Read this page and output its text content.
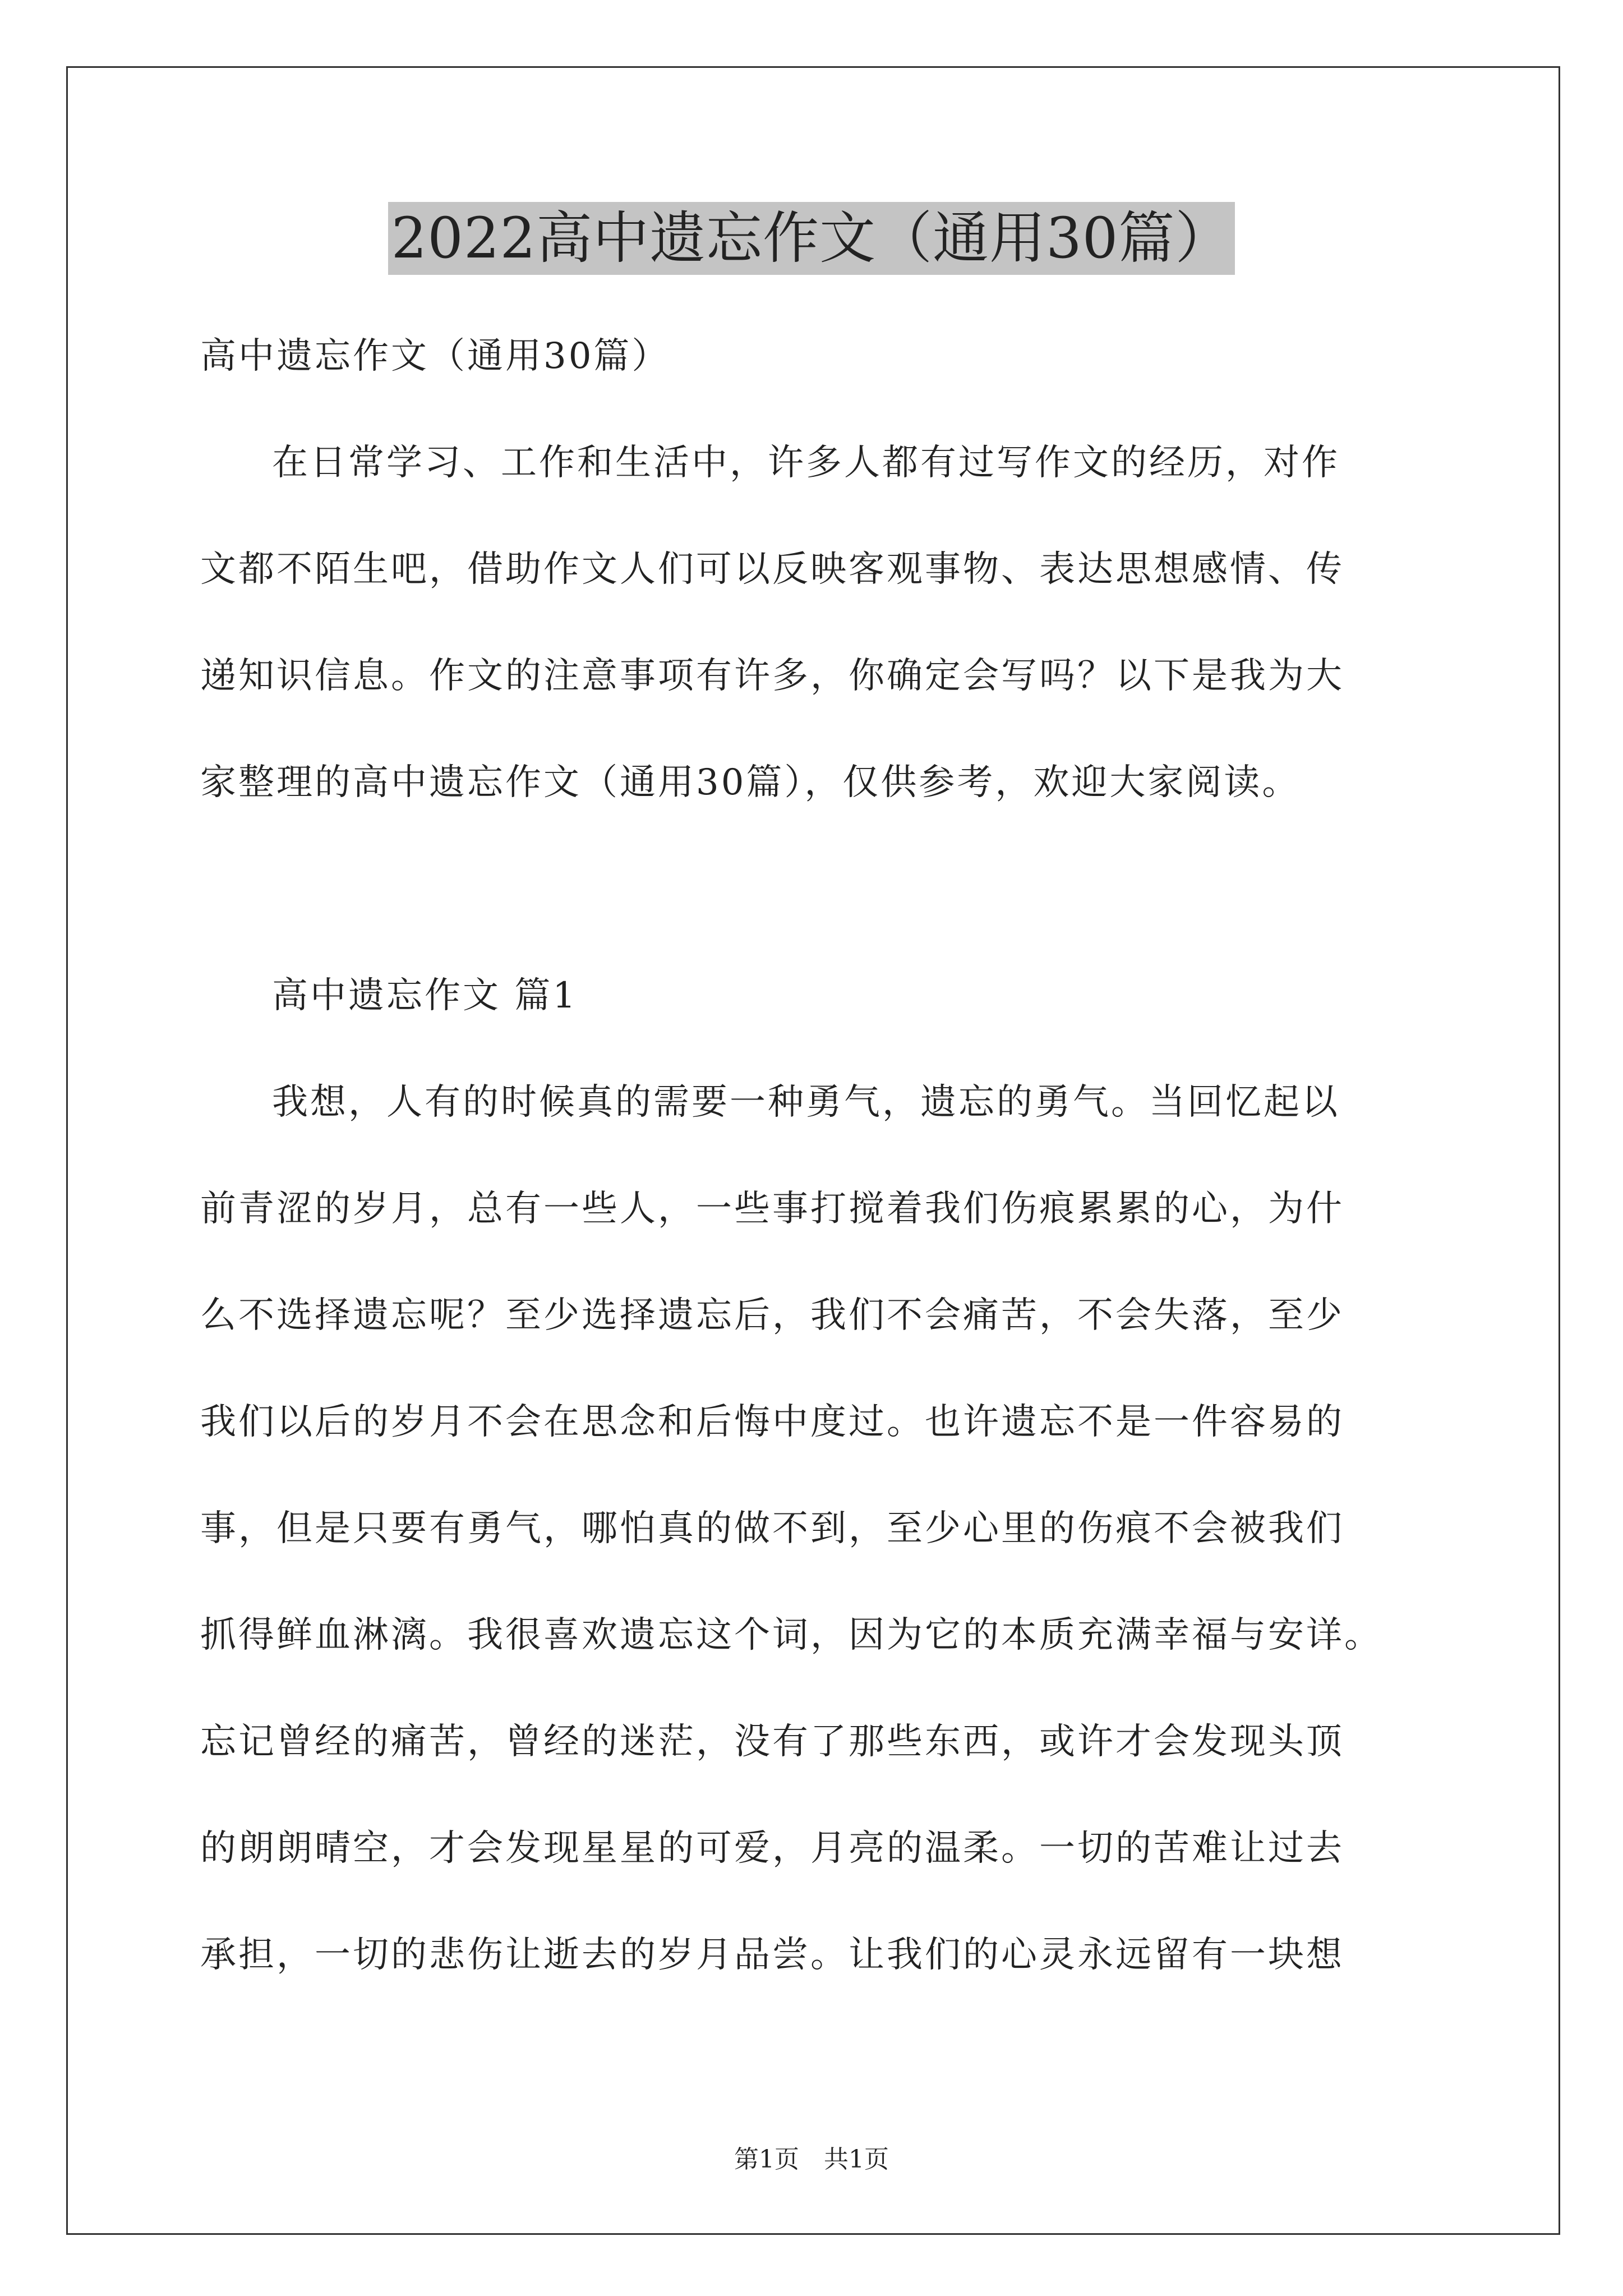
2022高中遗忘作文（通用30篇）

高中遗忘作文（通用30篇）

在日常学习、工作和生活中，许多人都有过写作文的经历，对作
文都不陌生吧，借助作文人们可以反映客观事物、表达思想感情、传
递知识信息。作文的注意事项有许多，你确定会写吗？以下是我为大
家整理的高中遗忘作文（通用30篇），仅供参考，欢迎大家阅读。

高中遗忘作文 篇1

我想，人有的时候真的需要一种勇气，遗忘的勇气。当回忆起以
前青涩的岁月，总有一些人，一些事打搅着我们伤痕累累的心，为什
么不选择遗忘呢？至少选择遗忘后，我们不会痛苦，不会失落，至少
我们以后的岁月不会在思念和后悔中度过。也许遗忘不是一件容易的
事，但是只要有勇气，哪怕真的做不到，至少心里的伤痕不会被我们
抓得鲜血淋漓。我很喜欢遗忘这个词，因为它的本质充满幸福与安详。
忘记曾经的痛苦，曾经的迷茫，没有了那些东西，或许才会发现头顶
的朗朗晴空，才会发现星星的可爱，月亮的温柔。一切的苦难让过去
承担，一切的悲伤让逝去的岁月品尝。让我们的心灵永远留有一块想

第1页　共1页
